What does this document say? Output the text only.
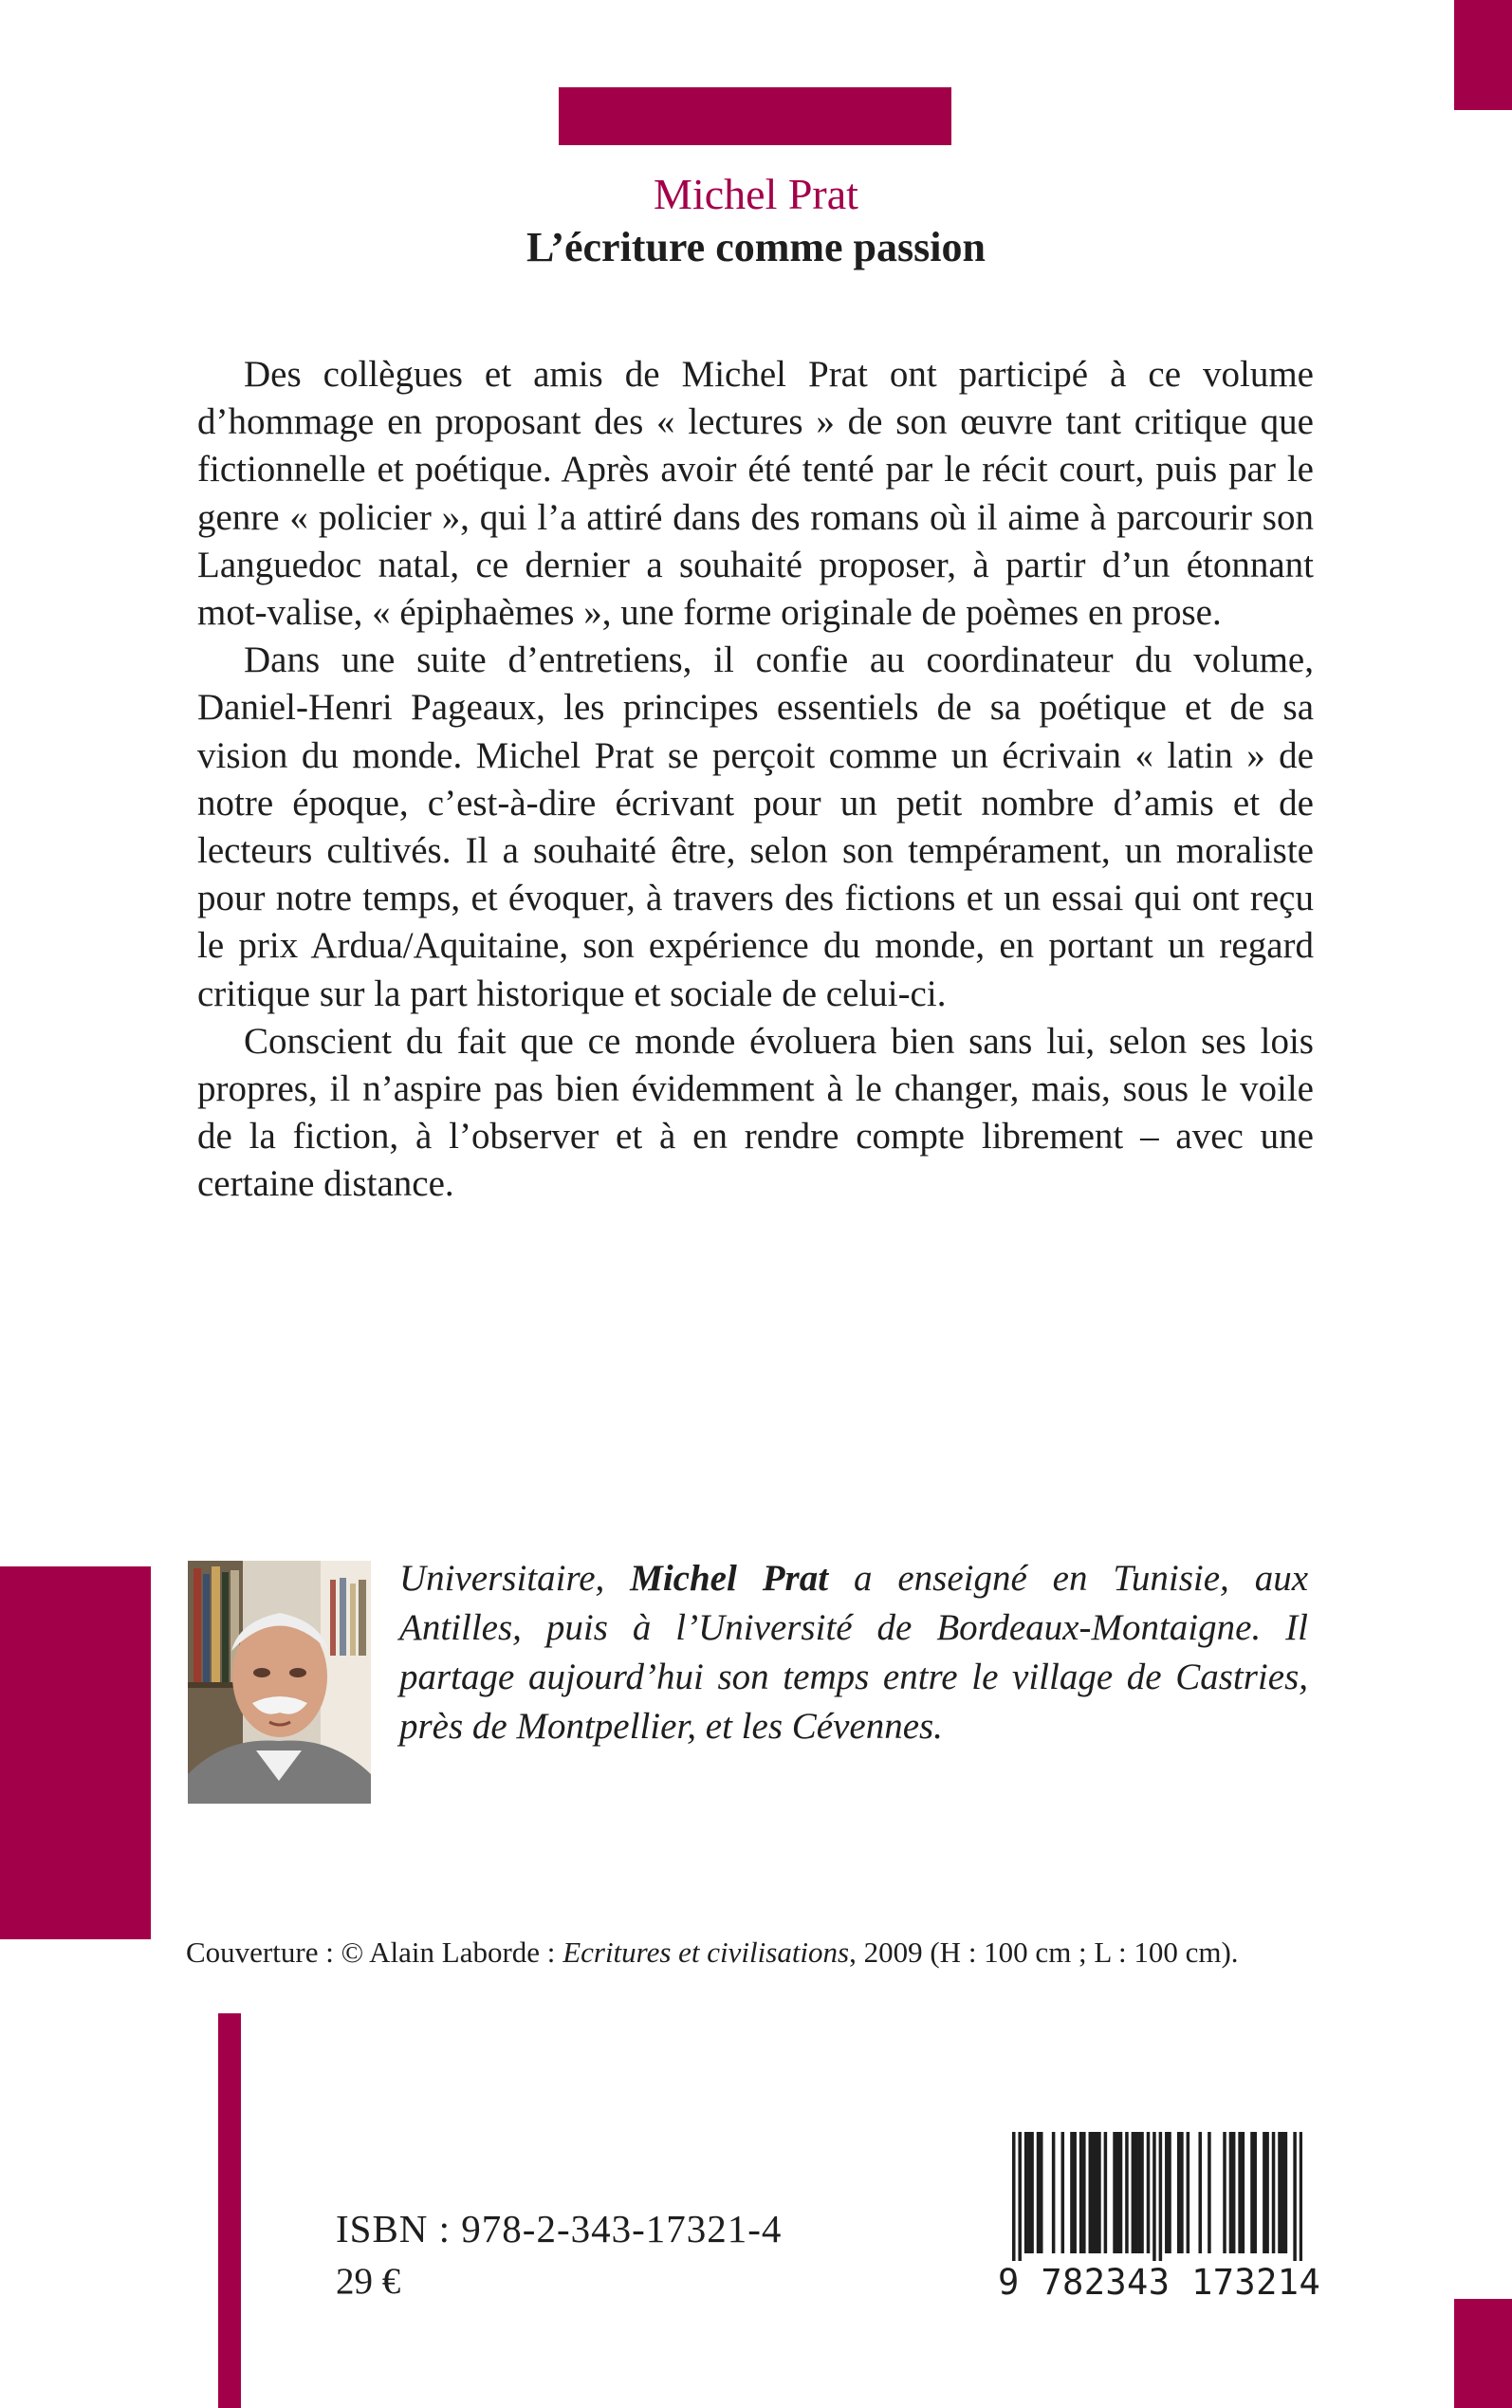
Michel Prat
L’écriture comme passion

Des collègues et amis de Michel Prat ont participé à ce volume d’hommage en proposant des « lectures » de son œuvre tant critique que fictionnelle et poétique. Après avoir été tenté par le récit court, puis par le genre « policier », qui l’a attiré dans des romans où il aime à parcourir son Languedoc natal, ce dernier a souhaité proposer, à partir d’un étonnant mot-valise, « épiphaèmes », une forme originale de poèmes en prose.

Dans une suite d’entretiens, il confie au coordinateur du volume, Daniel-Henri Pageaux, les principes essentiels de sa poétique et de sa vision du monde. Michel Prat se perçoit comme un écrivain « latin » de notre époque, c’est-à-dire écrivant pour un petit nombre d’amis et de lecteurs cultivés. Il a souhaité être, selon son tempérament, un moraliste pour notre temps, et évoquer, à travers des fictions et un essai qui ont reçu le prix Ardua/Aquitaine, son expérience du monde, en portant un regard critique sur la part historique et sociale de celui-ci.

Conscient du fait que ce monde évoluera bien sans lui, selon ses lois propres, il n’aspire pas bien évidemment à le changer, mais, sous le voile de la fiction, à l’observer et à en rendre compte librement – avec une certaine distance.

Universitaire, Michel Prat a enseigné en Tunisie, aux Antilles, puis à l’Université de Bordeaux-Montaigne. Il partage aujourd’hui son temps entre le village de Castries, près de Montpellier, et les Cévennes.

Couverture : © Alain Laborde : Ecritures et civilisations, 2009 (H : 100 cm ; L : 100 cm).

ISBN : 978-2-343-17321-4
29 €	9 782343 173214
